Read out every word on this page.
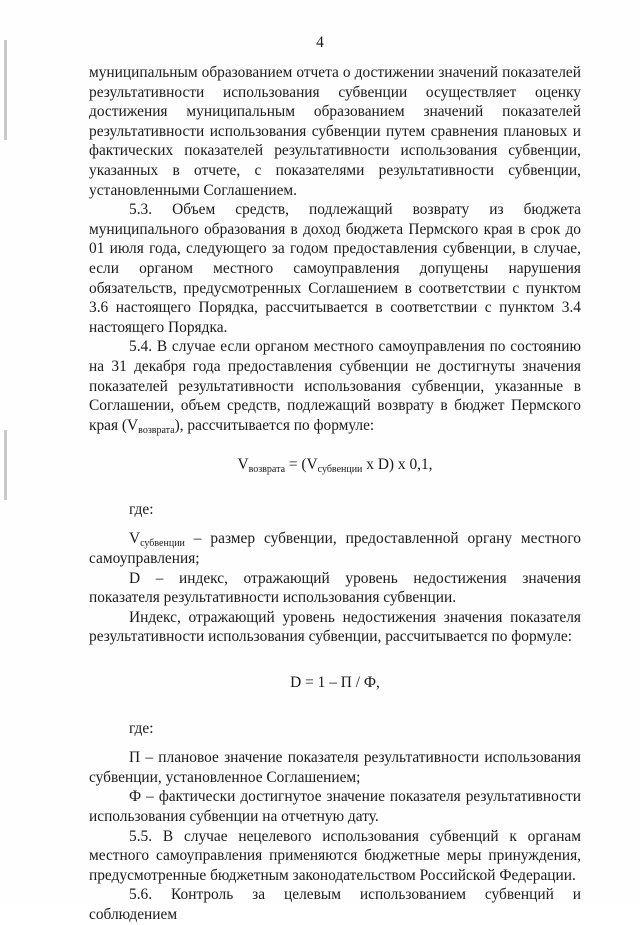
4

муниципальным образованием отчета о достижении значений показателей результативности использования субвенции осуществляет оценку достижения муниципальным образованием значений показателей результативности использования субвенции путем сравнения плановых и фактических показателей результативности использования субвенции, указанных в отчете, с показателями результативности субвенции, установленными Соглашением.

5.3. Объем средств, подлежащий возврату из бюджета муниципального образования в доход бюджета Пермского края в срок до 01 июля года, следующего за годом предоставления субвенции, в случае, если органом местного самоуправления допущены нарушения обязательств, предусмотренных Соглашением в соответствии с пунктом 3.6 настоящего Порядка, рассчитывается в соответствии с пунктом 3.4 настоящего Порядка.

5.4. В случае если органом местного самоуправления по состоянию на 31 декабря года предоставления субвенции не достигнуты значения показателей результативности использования субвенции, указанные в Соглашении, объем средств, подлежащий возврату в бюджет Пермского края $(V_{возврата})$, рассчитывается по формуле:

$V_{возврата} = (V_{субвенции}$ x D) x 0,1,

где:

$V_{субвенции}$ – размер субвенции, предоставленной органу местного самоуправления;

D – индекс, отражающий уровень недостижения значения показателя результативности использования субвенции.

Индекс, отражающий уровень недостижения значения показателя результативности использования субвенции, рассчитывается по формуле:

D = 1 – П / Ф,

где:

П – плановое значение показателя результативности использования субвенции, установленное Соглашением;

Ф – фактически достигнутое значение показателя результативности использования субвенции на отчетную дату.

5.5. В случае нецелевого использования субвенций к органам местного самоуправления применяются бюджетные меры принуждения, предусмотренные бюджетным законодательством Российской Федерации.

5.6. Контроль за целевым использованием субвенций и соблюдением
